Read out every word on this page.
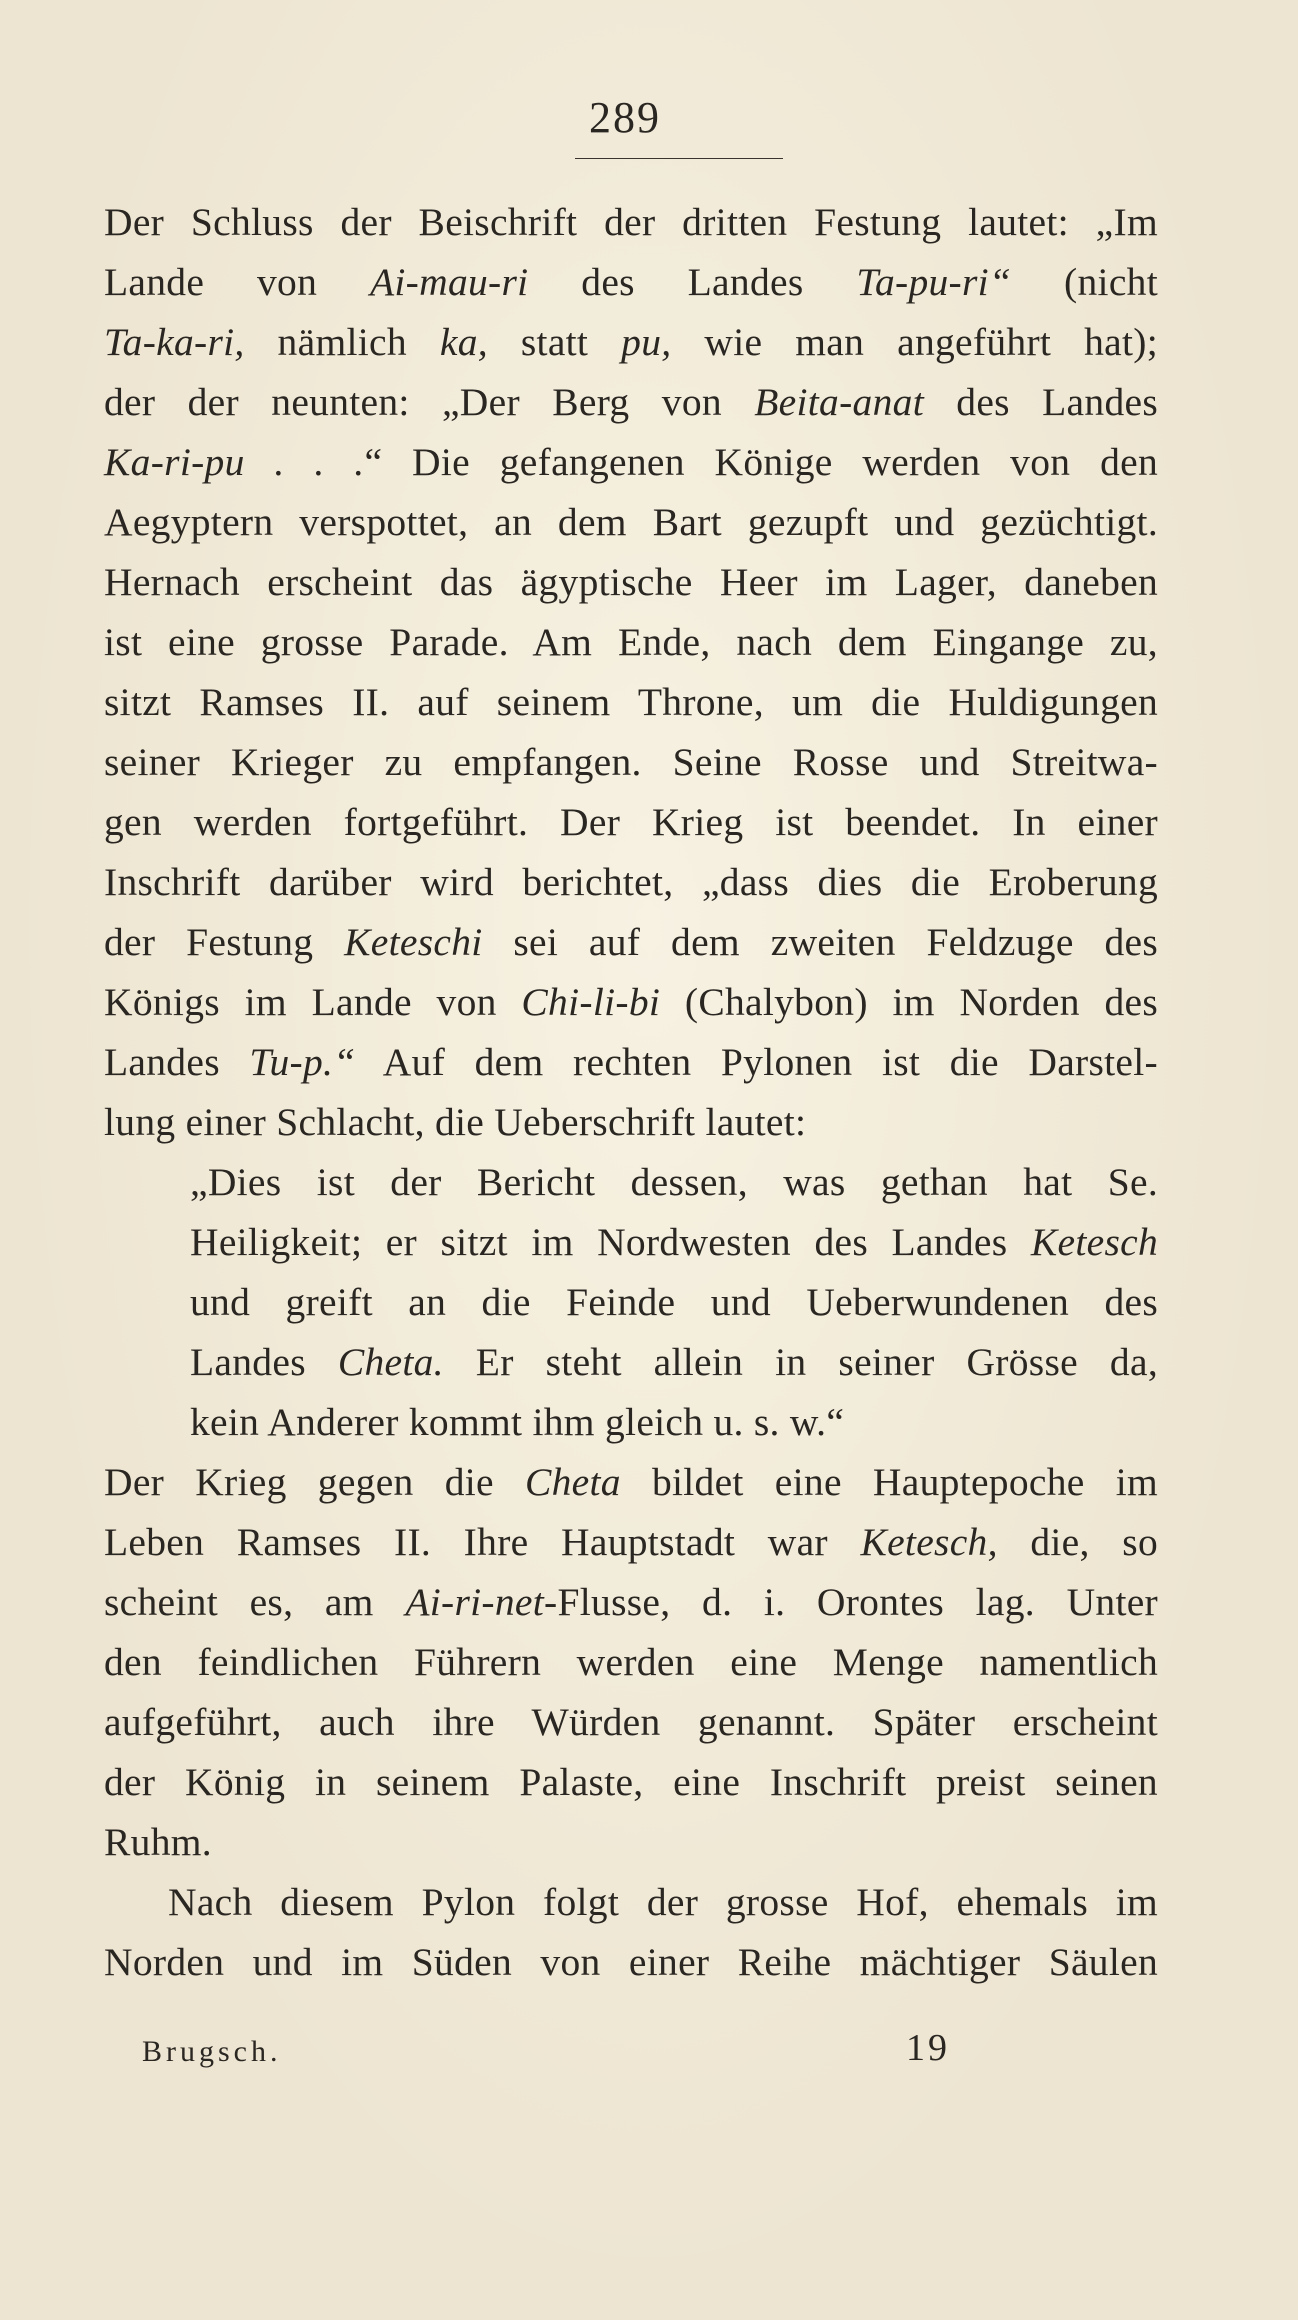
289
Der Schluss der Beischrift der dritten Festung lautet: „Im
Lande von Ai-mau-ri des Landes Ta-pu-ri“ (nicht
Ta-ka-ri, nämlich ka, statt pu, wie man angeführt hat);
der der neunten: „Der Berg von Beita-anat des Landes
Ka-ri-pu . . .“ Die gefangenen Könige werden von den
Aegyptern verspottet, an dem Bart gezupft und gezüchtigt.
Hernach erscheint das ägyptische Heer im Lager, daneben
ist eine grosse Parade. Am Ende, nach dem Eingange zu,
sitzt Ramses II. auf seinem Throne, um die Huldigungen
seiner Krieger zu empfangen. Seine Rosse und Streitwa-
gen werden fortgeführt. Der Krieg ist beendet. In einer
Inschrift darüber wird berichtet, „dass dies die Eroberung
der Festung Keteschi sei auf dem zweiten Feldzuge des
Königs im Lande von Chi-li-bi (Chalybon) im Norden des
Landes Tu-p.“ Auf dem rechten Pylonen ist die Darstel-
lung einer Schlacht, die Ueberschrift lautet:
„Dies ist der Bericht dessen, was gethan hat Se.
Heiligkeit; er sitzt im Nordwesten des Landes Ketesch
und greift an die Feinde und Ueberwundenen des
Landes Cheta. Er steht allein in seiner Grösse da,
kein Anderer kommt ihm gleich u. s. w.“
Der Krieg gegen die Cheta bildet eine Hauptepoche im
Leben Ramses II. Ihre Hauptstadt war Ketesch, die, so
scheint es, am Ai-ri-net-Flusse, d. i. Orontes lag. Unter
den feindlichen Führern werden eine Menge namentlich
aufgeführt, auch ihre Würden genannt. Später erscheint
der König in seinem Palaste, eine Inschrift preist seinen
Ruhm.
Nach diesem Pylon folgt der grosse Hof, ehemals im
Norden und im Süden von einer Reihe mächtiger Säulen
Brugsch.	19
